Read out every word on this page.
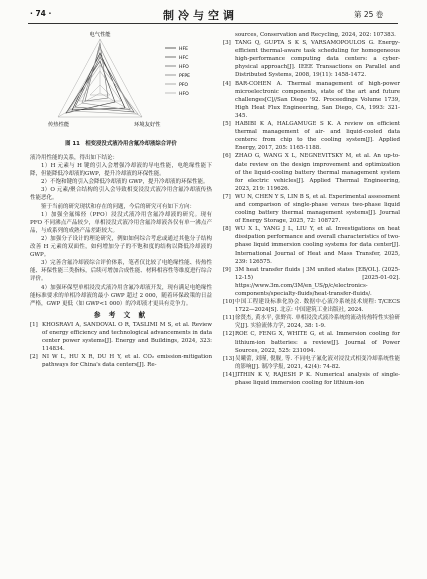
· 74 ·	制冷与空调	第 25 卷
电气性能
传热性能	环境友好性
HFE
HFC
HFO
PFPE
PFO
HFO
图 11　相变浸没式液冷用含氟冷却液综合评价

液冷用性能的关系，得出如下结论：

1）H 元素与 H 键的引入会增强冷却液的导电性能，电绝缘性能下降，但能降低冷却液的GWP，提升冷却液的环保性能。

2）不饱和键的引入会降低冷却液的 GWP，提升冷却液的环保性能。

3）O 元素/聚合结构的引入会导致相变浸没式液冷用含氟冷却液传热性能恶化。

鉴于当前的研究现状和存在的问题，今后的研究可有如下方向：

1）加强全氟烯烃（PFO）浸没式液冷用含氟冷却液的研究。现有 PFO 不同沸点产品较少，单相浸没式液冷用含氟冷却液各仅有单一沸点产品，与成系列的成熟产品差距较大。

2）加强分子设计的理论研究，例如如何综合考虑或通过其他分子结构改善 H 元素的双面性，如何增加分子的不饱和度的结构以降低冷却液的 GWP。

3）完善含氟冷却液综合评价体系，笔者仅比较了电绝缘性能、传热性能、环保性能三类指标，后续可增加合成性能、材料相容性等维度进行综合评价。

4）加强环保型单相浸没式液冷用含氟冷却液开发，现有满足电绝缘性能标准要求的单相冷却液的最小 GWP 超过 2 000，随着环保政策的日益严格，GWP 更低（如 GWP<1 000）的冷却液才更具有竞争力。

参 考 文 献
[1] KHOSRAVI A, SANDOVAL O R, TASLIMI M S, et al. Review of energy efficiency and technological advancements in data center power systems[J]. Energy and Buildings, 2024, 323: 114834.
[2] NI W L, HU X R, DU H Y, et al. CO₂ emission-mitigation pathways for China's data centers[J]. Re-
sources, Conservation and Recycling, 2024, 202: 107383.
[3] TANG Q, GUPTA S K S, VARSAMOPOULOS G. Energy-efficient thermal-aware task scheduling for homogeneous high-performance computing data centers: a cyber-physical approach[J]. IEEE Transactions on Parallel and Distributed Systems, 2008, 19(11): 1458-1472.
[4] BAR-COHEN A. Thermal management of high-power microelectronic components, state of the art and future challenges[C]//San Diego '92. Proceedings Volume 1739, High Heat Flux Engineering, San Diego, CA, 1993: 321-345.
[5] HABIBI K A, HALGAMUGE S K. A review on efficient thermal management of air- and liquid-cooled data centers: from chip to the cooling system[J]. Applied Energy, 2017, 205: 1165-1188.
[6] ZHAO G, WANG X L, NEGNEVITSKY M, et al. An up-to-date review on the design improvement and optimization of the liquid-cooling battery thermal management system for electric vehicles[J]. Applied Thermal Engineering, 2023, 219: 119626.
[7] WU N, CHEN Y S, LIN B S, et al. Experimental assessment and comparison of single-phase versus two-phase liquid cooling battery thermal management systems[J]. Journal of Energy Storage, 2025, 72: 108727.
[8] WU X L, YANG J L, LIU Y, et al. Investigations on heat dissipation performance and overall characteristics of two-phase liquid immersion cooling systems for data center[J]. International Journal of Heat and Mass Transfer, 2025, 239: 126575.
[9] 3M heat transfer fluids | 3M united states [EB/OL]. (2025-12-15) [2025-01-02]. https://www.3m.com/3M/en_US/p/c/electronics-components/specialty-fluids/heat-transfer-fluids/.
[10] 中国工程建设标准化协会. 数据中心液冷系统技术规程: T/CECS 1722—2024[S]. 北京: 中国建筑工业出版社, 2024.
[11] 徐贤杰, 黄水平, 张野宾. 单相浸没式液冷系统的流动传热特性实验研究[J]. 实验流体力学, 2024, 38: 1-9.
[12] ROE C, FENG X, WHITE G, et al. Immersion cooling for lithium-ion batteries: a review[J]. Journal of Power Sources, 2022, 525: 231094.
[13] 吴曦蕾, 刘瑾, 倪舰, 等. 不同电子氟化液对浸没式相变冷却系统性能的影响[J]. 制冷学报, 2021, 42(4): 74-82.
[14] JITHIN K V, RAJESH P K. Numerical analysis of single-phase liquid immersion cooling for lithium-ion
